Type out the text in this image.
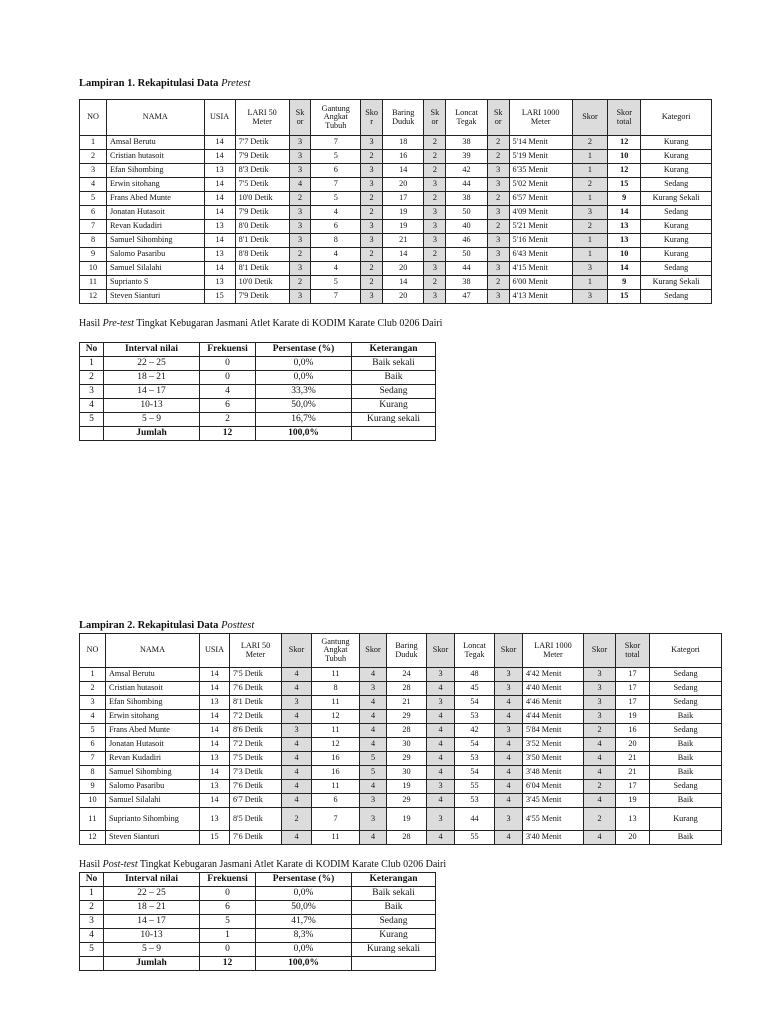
Lampiran 1. Rekapitulasi Data Pretest
NO	NAMA	USIA	LARI 50 Meter	Sk or	Gantung Angkat Tubuh	Sko r	Baring Duduk	Sk or	Loncat Tegak	Sk or	LARI 1000 Meter	Skor	Skor total	Kategori
1	Amsal Berutu	14	7'7 Detik	3	7	3	18	2	38	2	5'14 Menit	2	12	Kurang
2	Cristian hutasoit	14	7'9 Detik	3	5	2	16	2	39	2	5'19 Menit	1	10	Kurang
3	Efan Sihombing	13	8'3 Detik	3	6	3	14	2	42	3	6'35 Menit	1	12	Kurang
4	Erwin sitohang	14	7'5 Detik	4	7	3	20	3	44	3	5'02 Menit	2	15	Sedang
5	Frans Abed Munte	14	10'0 Detik	2	5	2	17	2	38	2	6'57 Menit	1	9	Kurang Sekali
6	Jonatan Hutasoit	14	7'9 Detik	3	4	2	19	3	50	3	4'09 Menit	3	14	Sedang
7	Revan Kudadiri	13	8'0 Detik	3	6	3	19	3	40	2	5'21 Menit	2	13	Kurang
8	Samuel Sihombing	14	8'1 Detik	3	8	3	21	3	46	3	5'16 Menit	1	13	Kurang
9	Salomo Pasaribu	13	8'8 Detik	2	4	2	14	2	50	3	6'43 Menit	1	10	Kurang
10	Samuel Silalahi	14	8'1 Detik	3	4	2	20	3	44	3	4'15 Menit	3	14	Sedang
11	Suprianto S	13	10'0 Detik	2	5	2	14	2	38	2	6'00 Menit	1	9	Kurang Sekali
12	Steven Sianturi	15	7'9 Detik	3	7	3	20	3	47	3	4'13 Menit	3	15	Sedang
Hasil Pre-test Tingkat Kebugaran Jasmani Atlet Karate di KODIM Karate Club 0206 Dairi
No	Interval nilai	Frekuensi	Persentase (%)	Keterangan
1	22 – 25	0	0,0%	Baik sekali
2	18 – 21	0	0,0%	Baik
3	14 – 17	4	33,3%	Sedang
4	10-13	6	50,0%	Kurang
5	5 – 9	2	16,7%	Kurang sekali
	Jumlah	12	100,0%	
Lampiran 2. Rekapitulasi Data Posttest
NO	NAMA	USIA	LARI 50 Meter	Skor	Gantung Angkat Tubuh	Skor	Baring Duduk	Skor	Loncat Tegak	Skor	LARI 1000 Meter	Skor	Skor total	Kategori
1	Amsal Berutu	14	7'5 Detik	4	11	4	24	3	48	3	4'42 Menit	3	17	Sedang
2	Cristian hutasoit	14	7'6 Detik	4	8	3	28	4	45	3	4'40 Menit	3	17	Sedang
3	Efan Sihombing	13	8'1 Detik	3	11	4	21	3	54	4	4'46 Menit	3	17	Sedang
4	Erwin sitohang	14	7'2 Detik	4	12	4	29	4	53	4	4'44 Menit	3	19	Baik
5	Frans Abed Munte	14	8'6 Detik	3	11	4	28	4	42	3	5'84 Menit	2	16	Sedang
6	Jonatan Hutasoit	14	7'2 Detik	4	12	4	30	4	54	4	3'52 Menit	4	20	Baik
7	Revan Kudadiri	13	7'5 Detik	4	16	5	29	4	53	4	3'50 Menit	4	21	Baik
8	Samuel Sihombing	14	7'3 Detik	4	16	5	30	4	54	4	3'48 Menit	4	21	Baik
9	Salomo Pasaribu	13	7'6 Detik	4	11	4	19	3	55	4	6'04 Menit	2	17	Sedang
10	Samuel Silalahi	14	6'7 Detik	4	6	3	29	4	53	4	3'45 Menit	4	19	Baik
11	Suprianto Sihombing	13	8'5 Detik	2	7	3	19	3	44	3	4'55 Menit	2	13	Kurang
12	Steven Sianturi	15	7'6 Detik	4	11	4	28	4	55	4	3'40 Menit	4	20	Baik
Hasil Post-test Tingkat Kebugaran Jasmani Atlet Karate di KODIM Karate Club 0206 Dairi
No	Interval nilai	Frekuensi	Persentase (%)	Keterangan
1	22 – 25	0	0,0%	Baik sekali
2	18 – 21	6	50,0%	Baik
3	14 – 17	5	41,7%	Sedang
4	10-13	1	8,3%	Kurang
5	5 – 9	0	0,0%	Kurang sekali
	Jumlah	12	100,0%	
